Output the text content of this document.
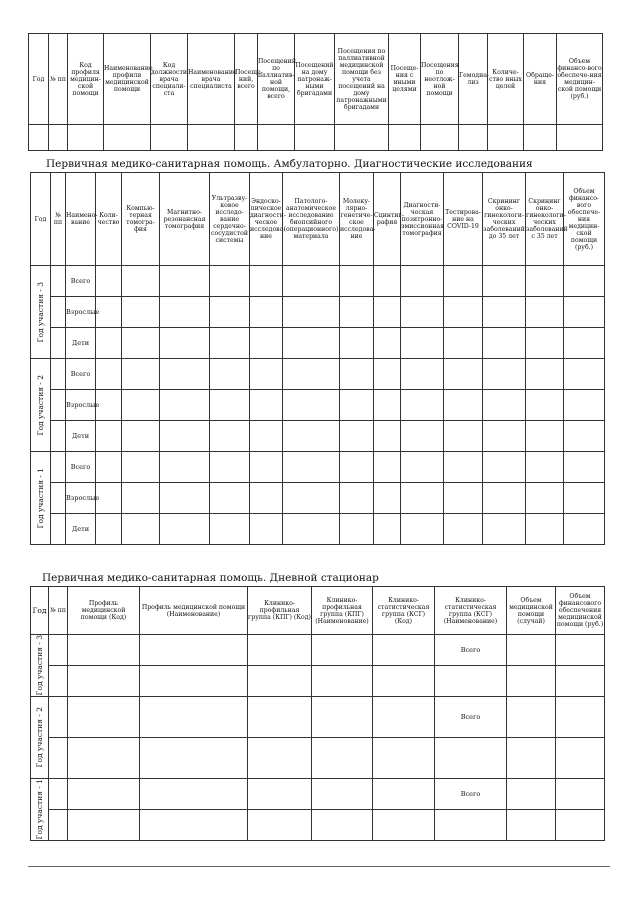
Год	№ пп	Код профиля медицин-ской помощи	Наименование профиля медицинской помощи	Код должности врача специали-ста	Наименование врача специалиста	Посеще-ний, всего	Посещений по паллиатив-ной помощи, всего	Посещений на дому патронаж-ными бригадами	Посещения по паллиативной медицинской помощи без учета посещений на дому патронажными бригадами	Посеще-ния с иными целями	Посещения по неотлож-ной помощи	Гемодиа-лиз	Количе-ство иных целей	Обраще-ния	Объем финансо-вого обеспече-ния медицин-ской помощи (руб.)

Первичная медико-санитарная помощь. Амбулаторно. Диагностические исследования
Год	№ пп	Наимено-вание	Коли-чество	Компью-терная томогра-фия	Магнитно-резонансная томография	Ультразву-ковое исследо-вание сердечно-сосудистой системы	Эндоско-пическое диагности-ческое исследова-ние	Патолого-анатомическое исследование биопсийного (операционного) материала	Молеку-лярно-генетиче-ское исследова-ние	Сцинтиг-рафия	Диагности-ческая позитронно-эмиссионная томография	Тестирова-ние на COVID-19	Скрининг онко-гинекологи-ческих заболеваний до 35 лет	Скрининг онко-гинекологи-ческих заболеваний с 35 лет	Объем финансо-вого обеспече-ния медицин-ской помощи (руб.)

Год участия - 3		Всего													
		Взрослые													
		Дети													

Год участия - 2		Всего													
		Взрослые													
		Дети													

Год участия - 1		Всего													
		Взрослые													
		Дети													
Первичная медико-санитарная помощь. Дневной стационар
Год	№ пп	Профиль медицинской помощи (Код)	Профиль медицинской помощи (Наименование)	Клинико-профильная группа (КПГ) (Код)	Клинико-профильная группа (КПГ) (Наименование)	Клинико-статистическая группа (КСГ) (Код)	Клинико-статистическая группа (КСГ) (Наименование)	Объем медицинской помощи (случай)	Объем финансового обеспечения медицинской помощи (руб.)

Год участия - 3							Всего		

Год участия - 2							Всего		

Год участия - 1							Всего		
